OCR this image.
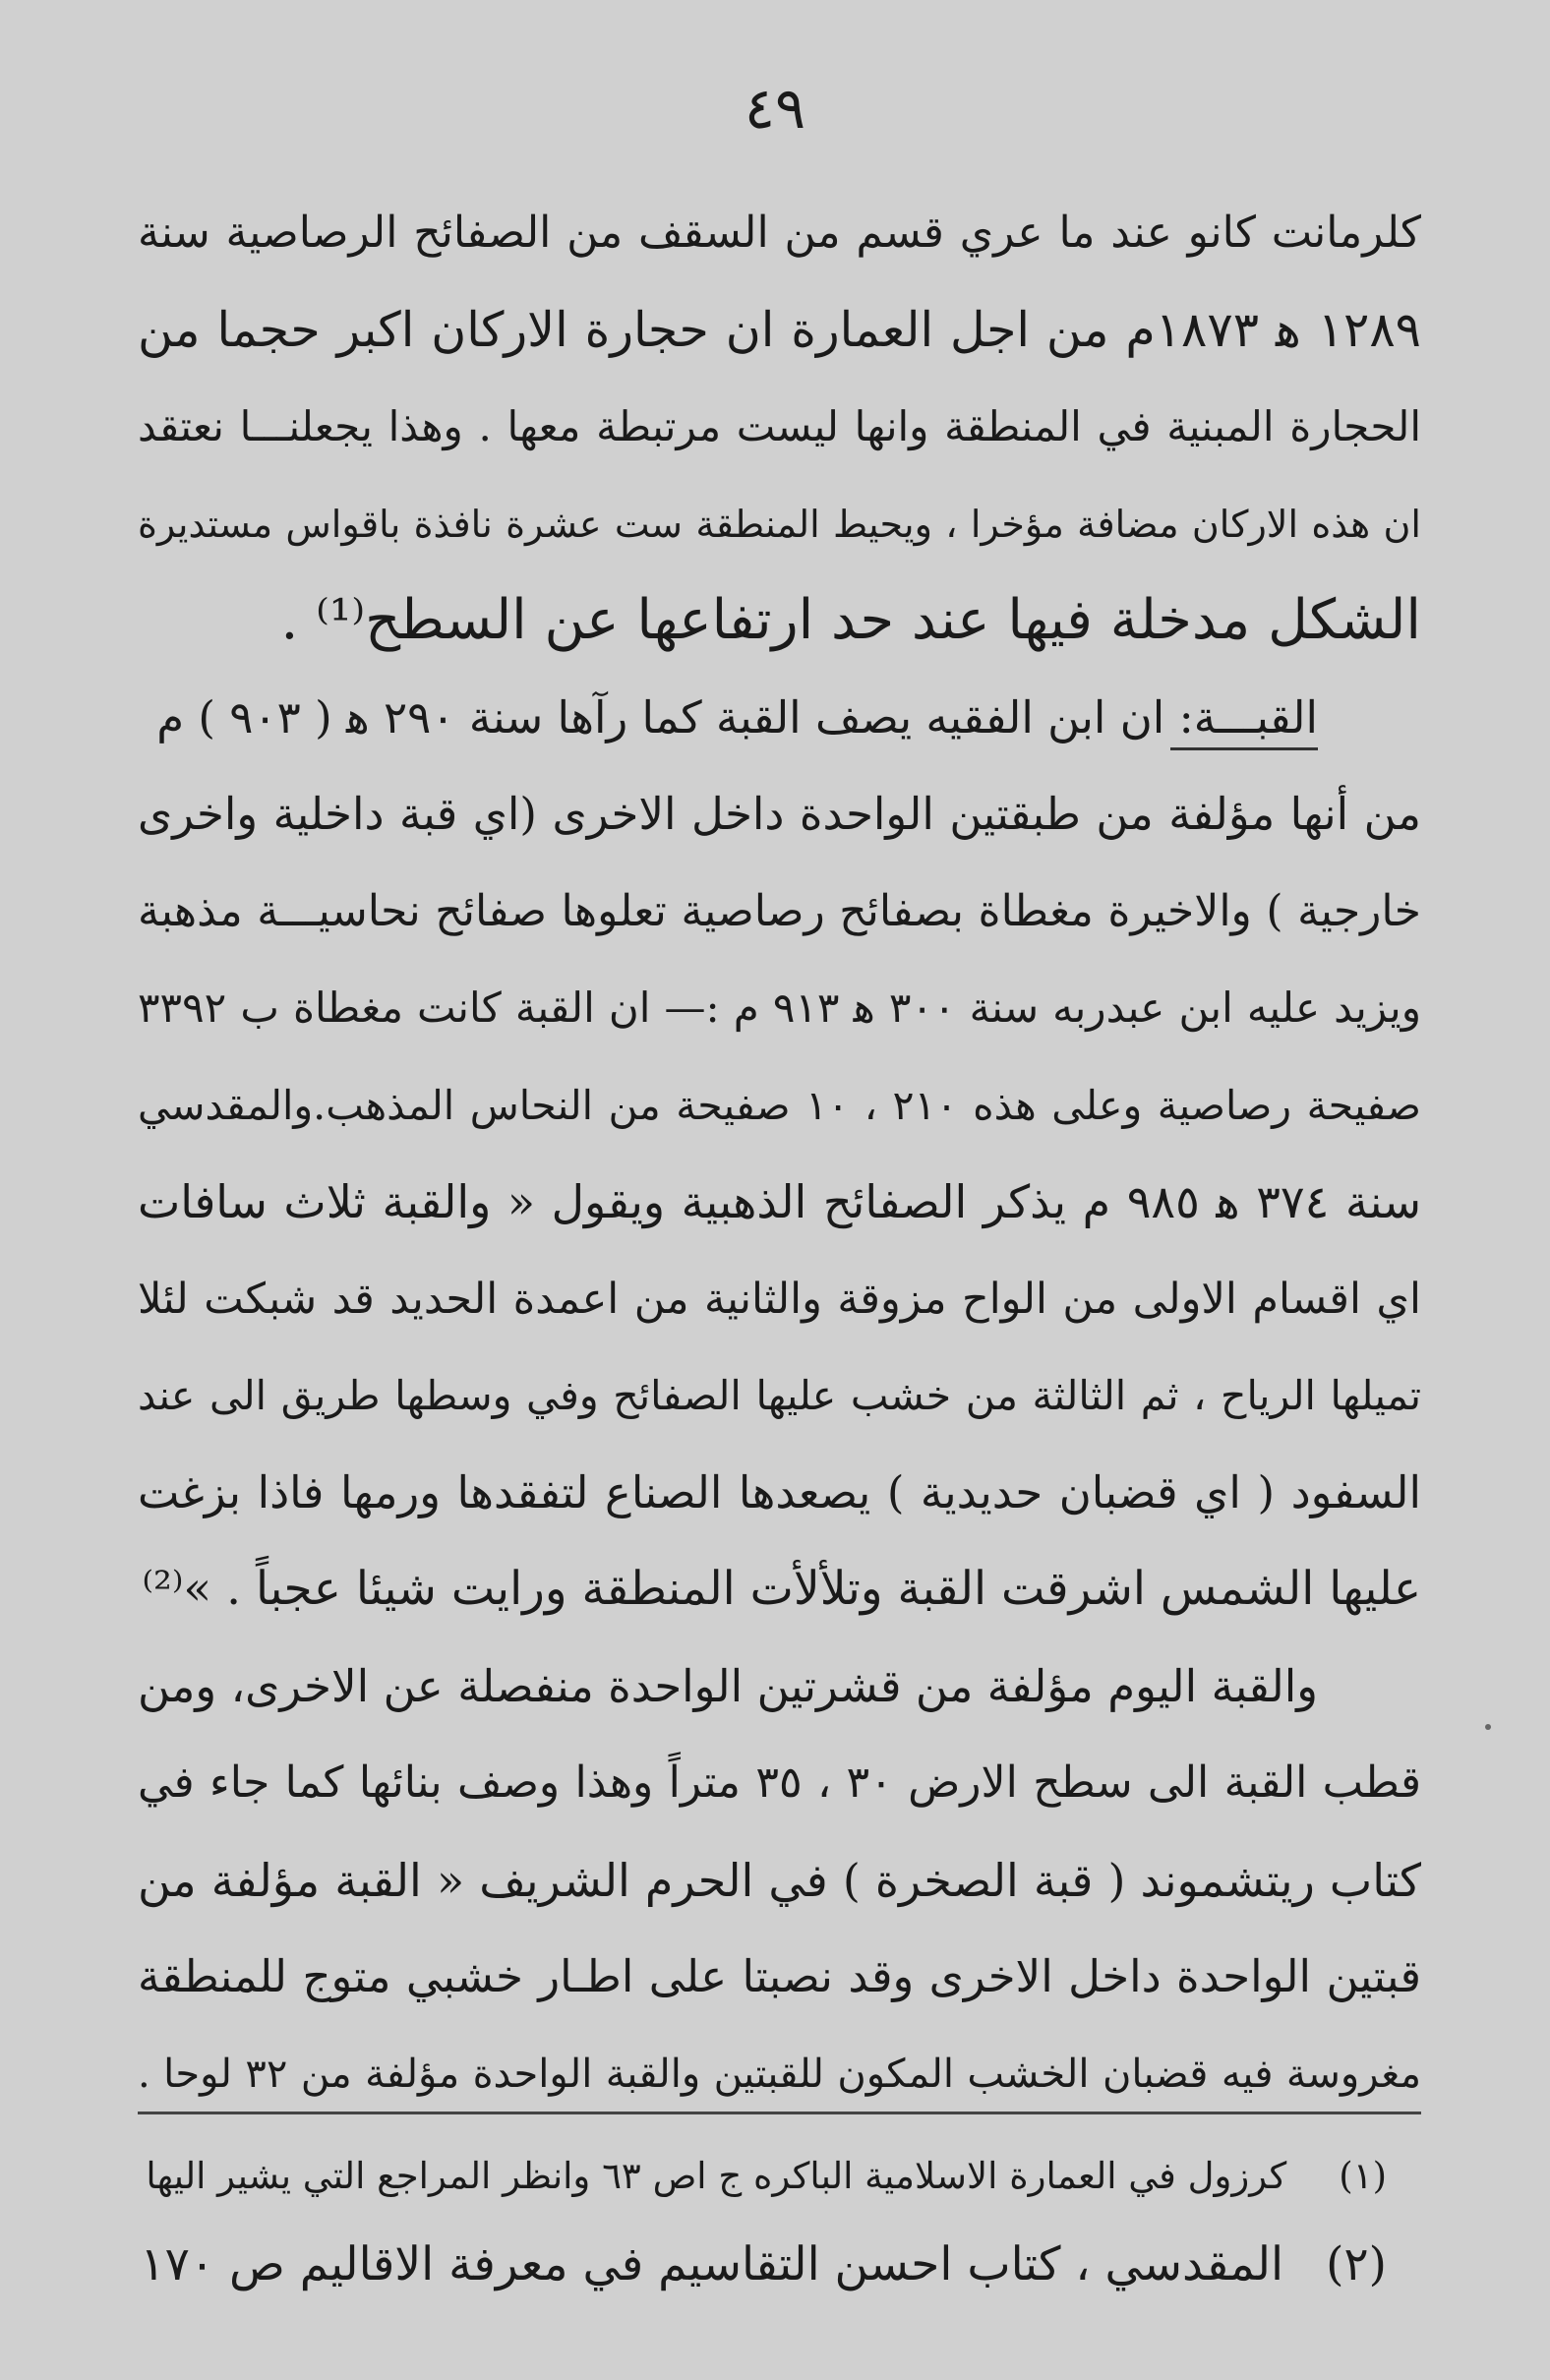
٤٩
كلرمانت كانو عند ما عري قسم من السقف من الصفائح الرصاصية سنة
١٢٨٩ ﻫ ١٨٧٣م من اجل العمارة ان حجارة الاركان اكبر حجما من
الحجارة المبنية في المنطقة وانها ليست مرتبطة معها . وهذا يجعلنـــا نعتقد
ان هذه الاركان مضافة مؤخرا ، ويحيط المنطقة ست عشرة نافذة باقواس مستديرة
الشكل مدخلة فيها عند حد ارتفاعها عن السطح⁽¹⁾ .
القبـــة: ان ابن الفقيه يصف القبة كما رآها سنة ٢٩٠ ﻫ ( ٩٠٣ ) م
من أنها مؤلفة من طبقتين الواحدة داخل الاخرى (اي قبة داخلية واخرى
خارجية ) والاخيرة مغطاة بصفائح رصاصية تعلوها صفائح نحاسيـــة مذهبة
ويزيد عليه ابن عبدربه سنة ٣٠٠ ﻫ ٩١٣ م :— ان القبة كانت مغطاة ب ٣٣٩٢
صفيحة رصاصية وعلى هذه ٢١٠ ، ١٠ صفيحة من النحاس المذهب.والمقدسي
سنة ٣٧٤ ﻫ ٩٨٥ م يذكر الصفائح الذهبية ويقول « والقبة ثلاث سافات
اي اقسام الاولى من الواح مزوقة والثانية من اعمدة الحديد قد شبكت لئلا
تميلها الرياح ، ثم الثالثة من خشب عليها الصفائح وفي وسطها طريق الى عند
السفود ( اي قضبان حديدية ) يصعدها الصناع لتفقدها ورمها فاذا بزغت
عليها الشمس اشرقت القبة وتلألأت المنطقة ورايت شيئا عجباً . »⁽²⁾
والقبة اليوم مؤلفة من قشرتين الواحدة منفصلة عن الاخرى، ومن
قطب القبة الى سطح الارض ٣٠ ، ٣٥ متراً وهذا وصف بنائها كما جاء في
كتاب ريتشموند ( قبة الصخرة ) في الحرم الشريف « القبة مؤلفة من
قبتين الواحدة داخل الاخرى وقد نصبتا على اطـار خشبي متوج للمنطقة
مغروسة فيه قضبان الخشب المكون للقبتين والقبة الواحدة مؤلفة من ٣٢ لوحا .
(١) كرزول في العمارة الاسلامية الباكره ج اص ٦٣ وانظر المراجع التي يشير اليها
(٢) المقدسي ، كتاب احسن التقاسيم في معرفة الاقاليم ص ١٧٠
